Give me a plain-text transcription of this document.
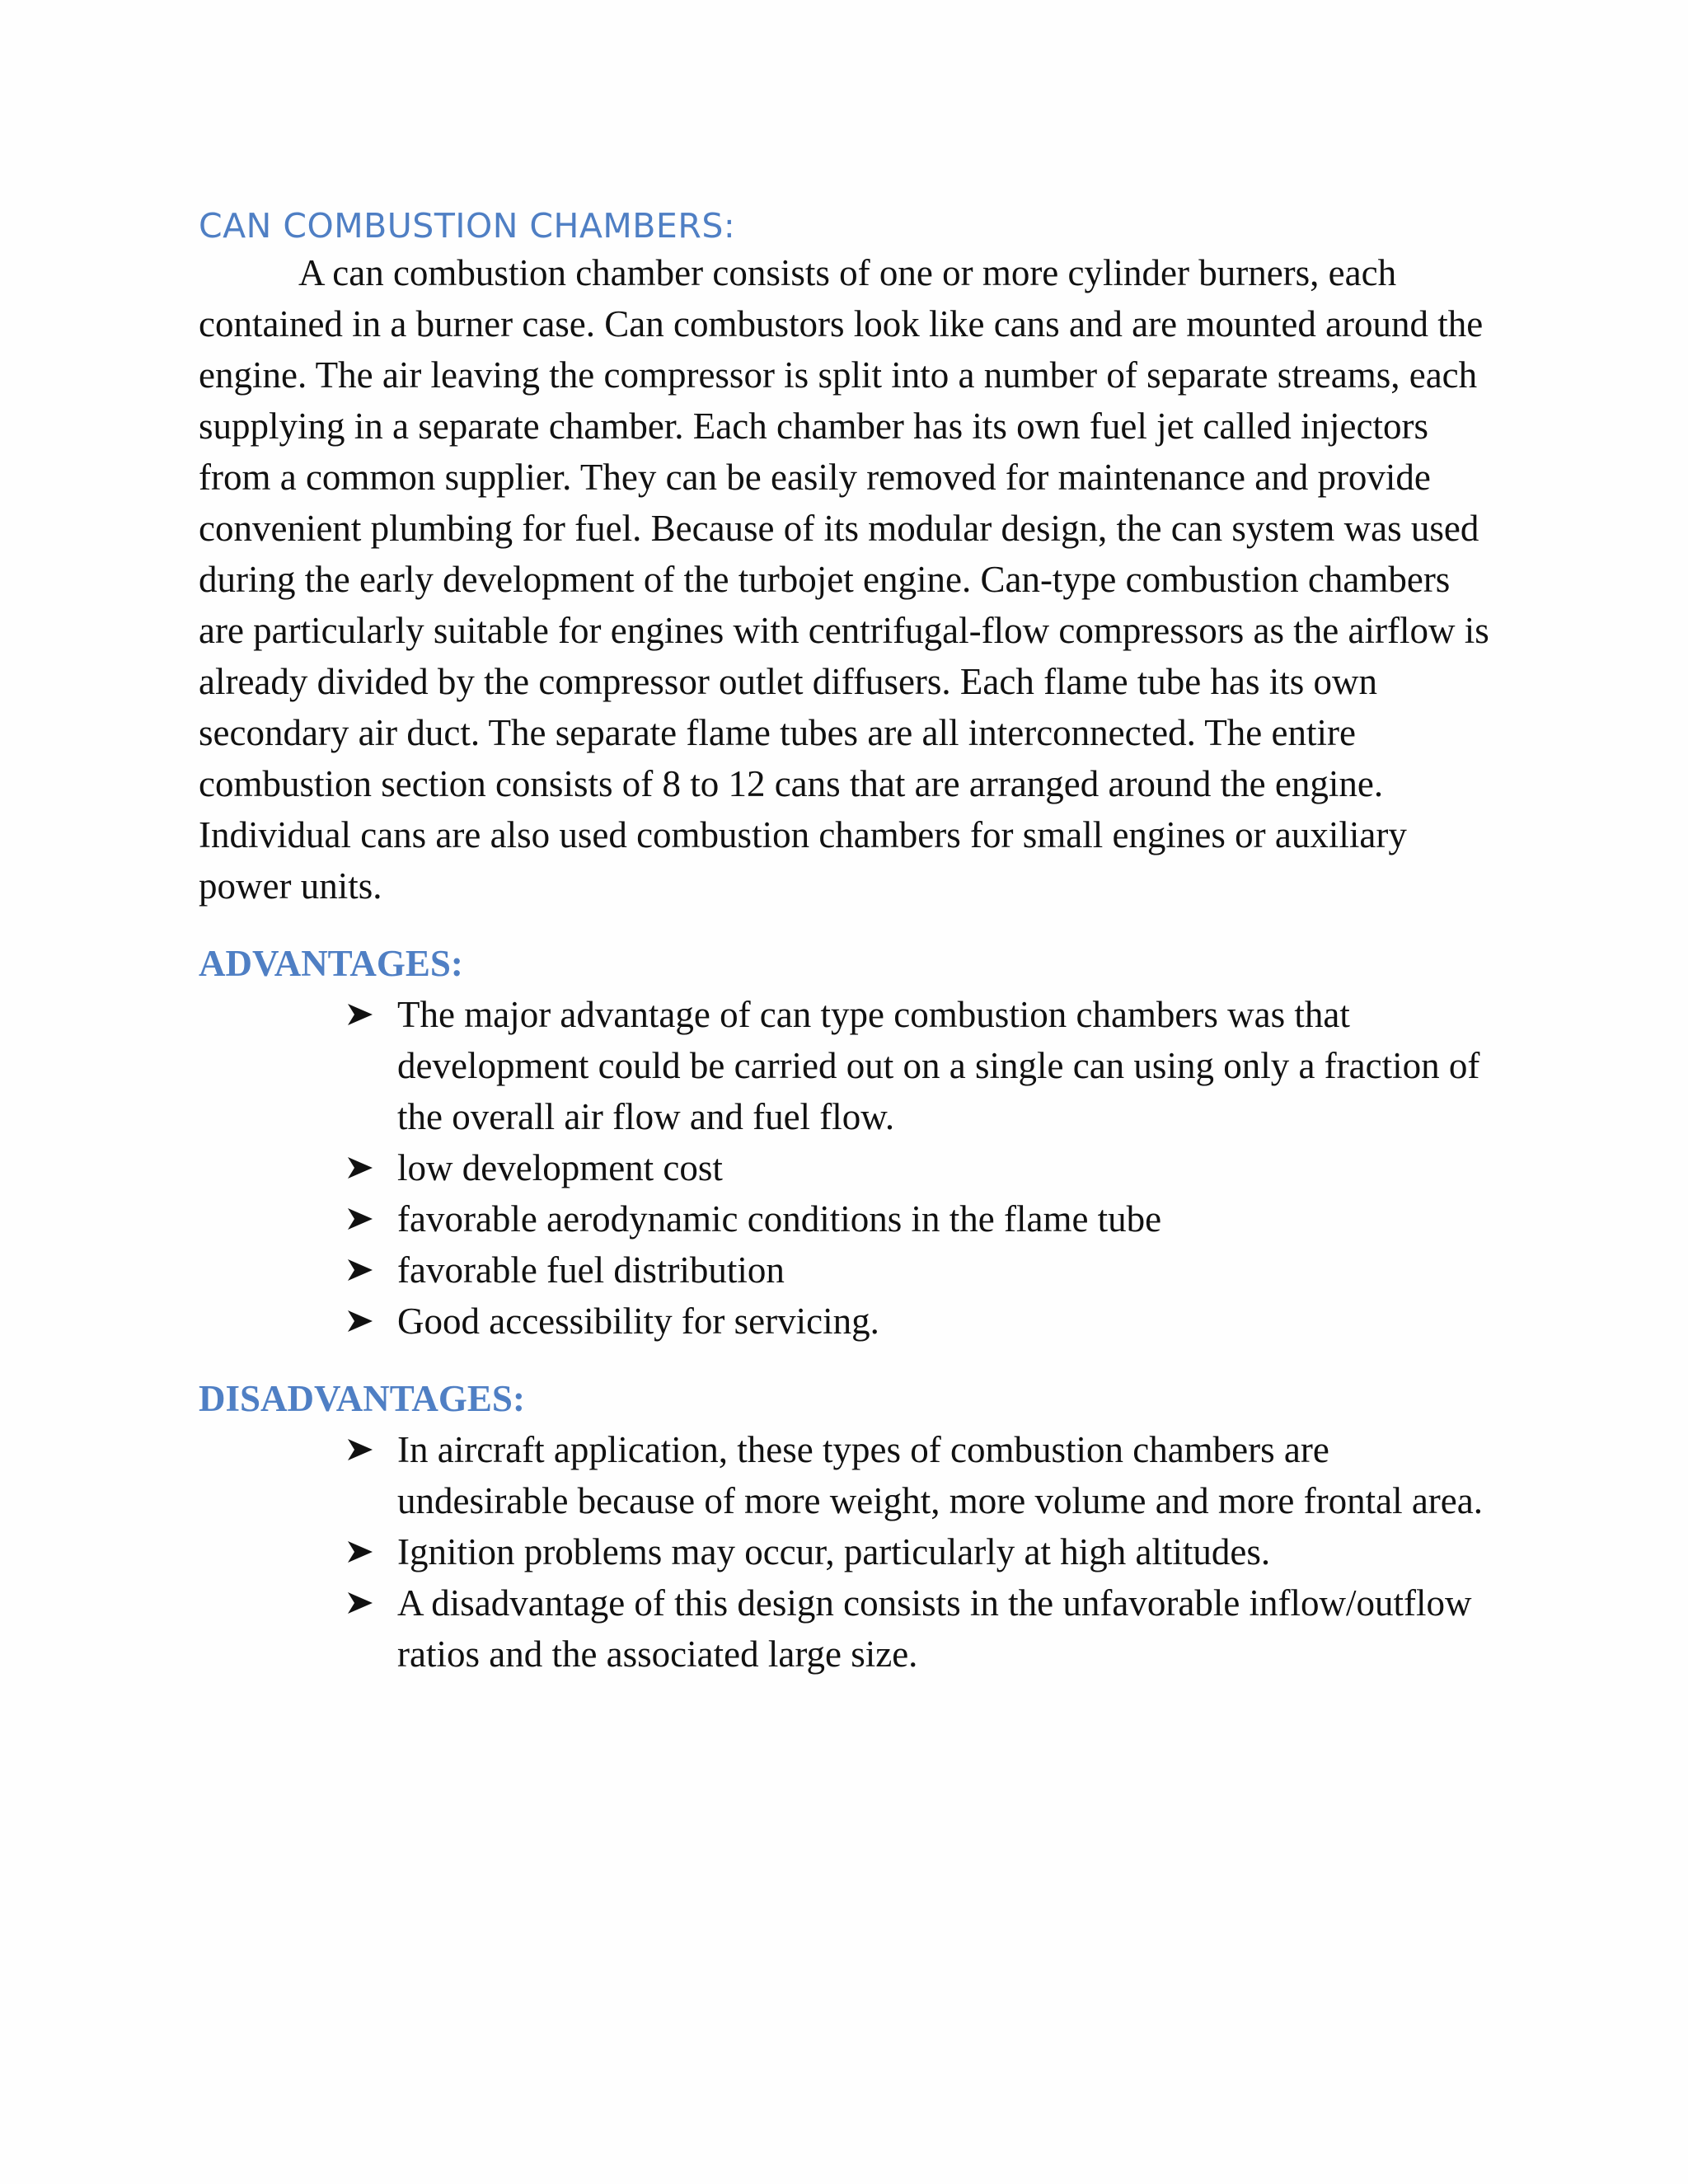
CAN COMBUSTION CHAMBERS:

A can combustion chamber consists of one or more cylinder burners, each contained in a burner case. Can combustors look like cans and are mounted around the engine. The air leaving the compressor is split into a number of separate streams, each supplying in a separate chamber. Each chamber has its own fuel jet called injectors from a common supplier. They can be easily removed for maintenance and provide convenient plumbing for fuel. Because of its modular design, the can system was used during the early development of the turbojet engine. Can-type combustion chambers are particularly suitable for engines with centrifugal-flow compressors as the airflow is already divided by the compressor outlet diffusers. Each flame tube has its own secondary air duct. The separate flame tubes are all interconnected. The entire combustion section consists of 8 to 12 cans that are arranged around the engine. Individual cans are also used combustion chambers for small engines or auxiliary power units.

ADVANTAGES:
The major advantage of can type combustion chambers was that development could be carried out on a single can using only a fraction of the overall air flow and fuel flow.
low development cost
favorable aerodynamic conditions in the flame tube
favorable fuel distribution
Good accessibility for servicing.
DISADVANTAGES:
In aircraft application, these types of combustion chambers are undesirable because of more weight, more volume and more frontal area.
Ignition problems may occur, particularly at high altitudes.
A disadvantage of this design consists in the unfavorable inflow/outflow ratios and the associated large size.
